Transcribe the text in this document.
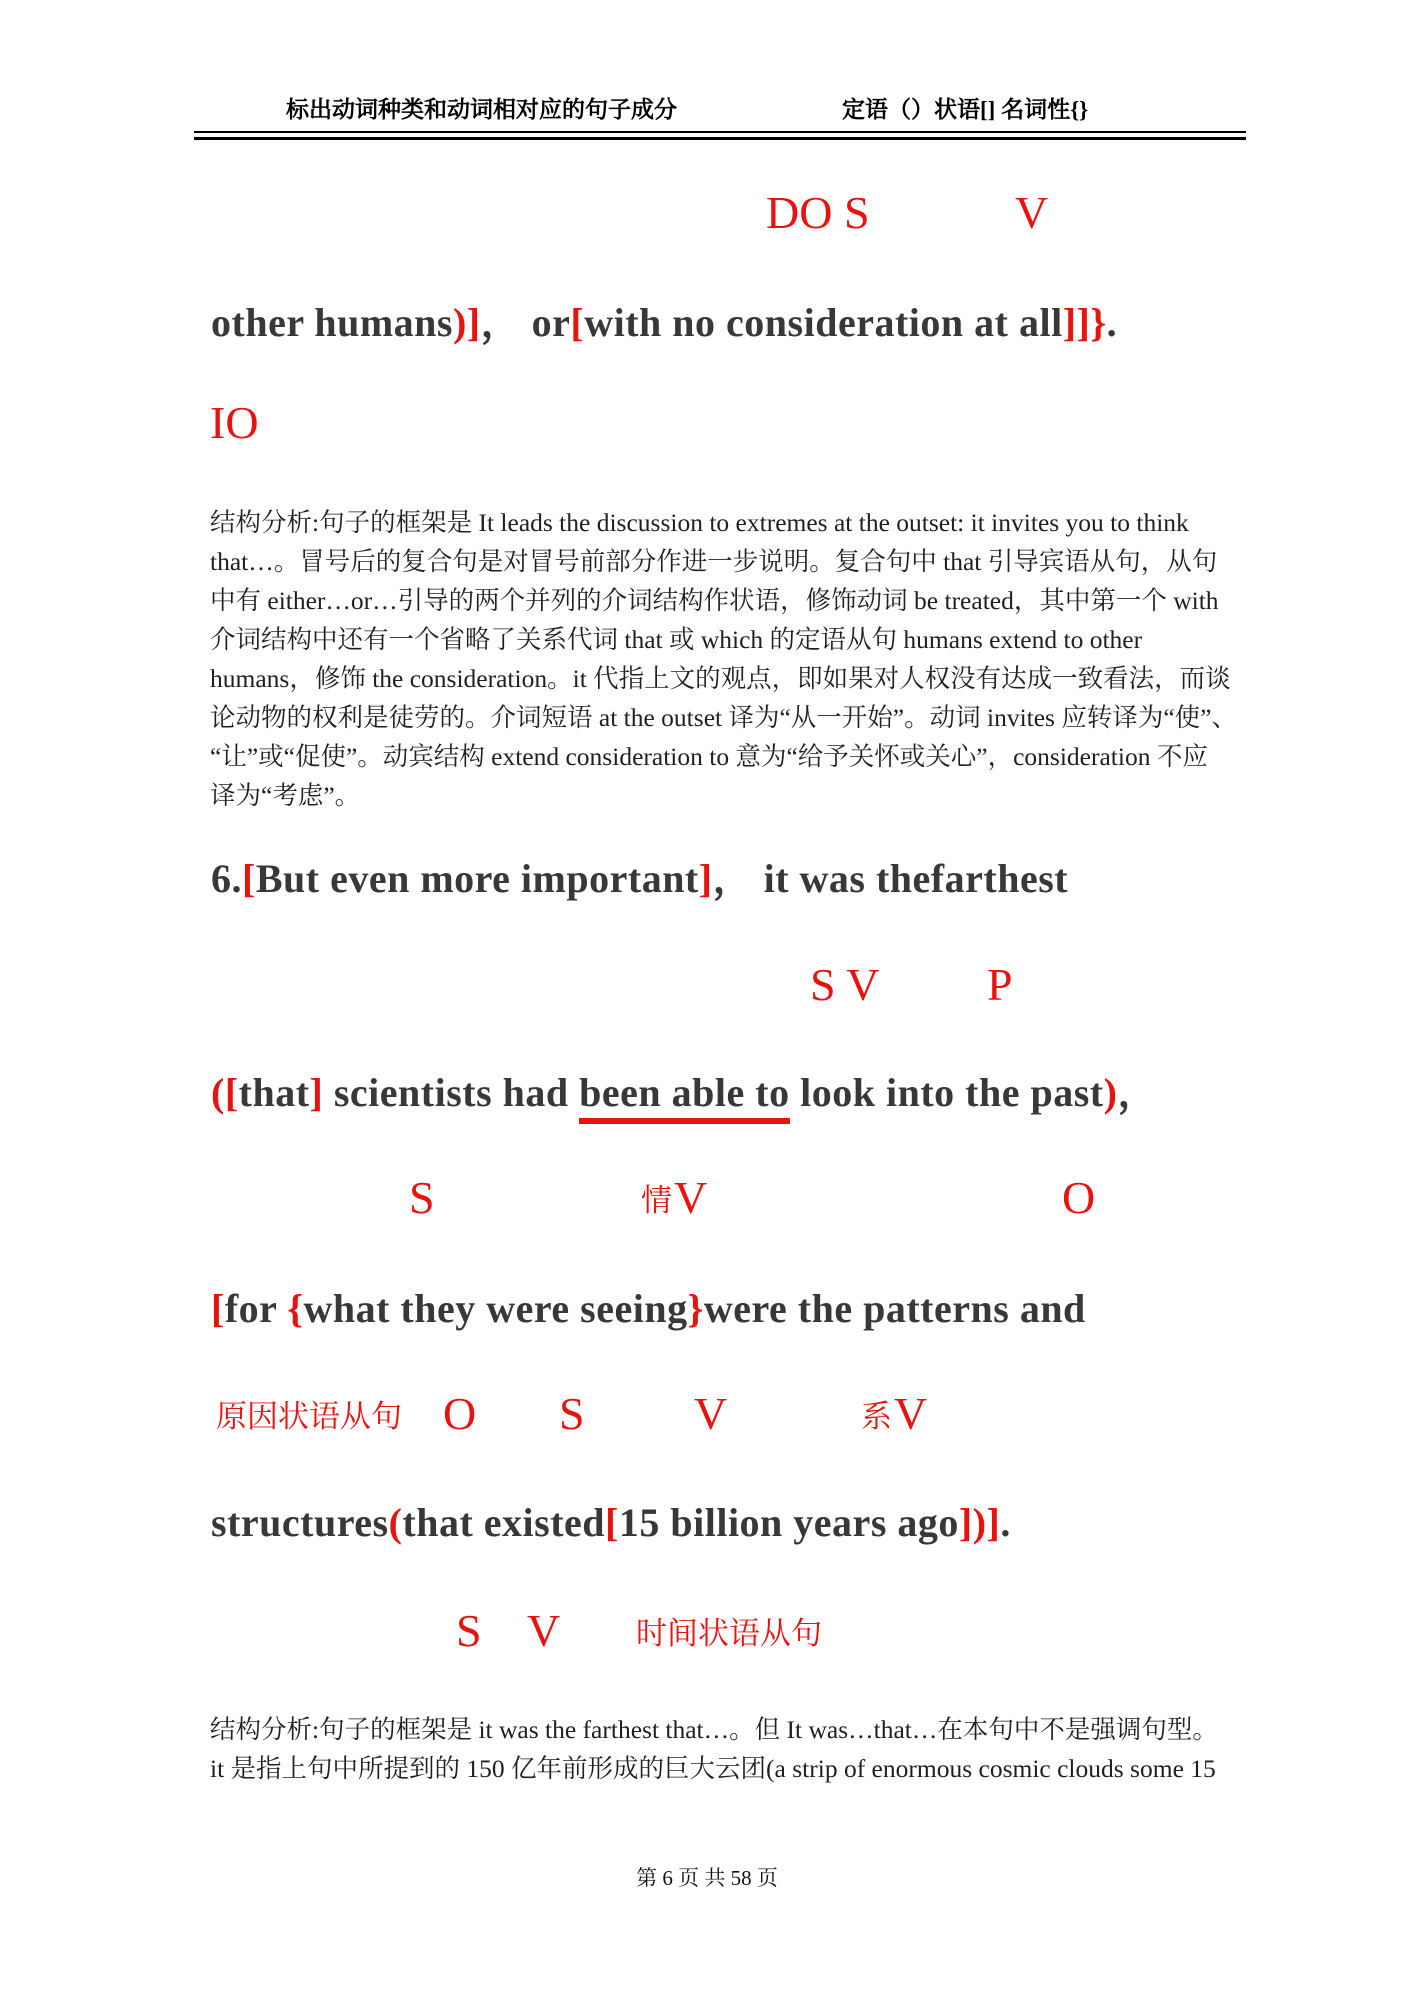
标出动词种类和动词相对应的句子成分	定语（）状语[] 名词性{}
DO S	V
other humans)]， or[with no consideration at all]]}.
IO
结构分析:句子的框架是 It leads the discussion to extremes at the outset: it invites you to think
that…。冒号后的复合句是对冒号前部分作进一步说明。复合句中 that 引导宾语从句，从句
中有 either…or…引导的两个并列的介词结构作状语，修饰动词 be treated，其中第一个 with
介词结构中还有一个省略了关系代词 that 或 which 的定语从句 humans extend to other
humans，修饰 the consideration。it 代指上文的观点，即如果对人权没有达成一致看法，而谈
论动物的权利是徒劳的。介词短语 at the outset 译为“从一开始”。动词 invites 应转译为“使”、
“让”或“促使”。动宾结构 extend consideration to 意为“给予关怀或关心”，consideration 不应
译为“考虑”。
6.[But even more important]， it was thefarthest
S V P
([that] scientists had been able to look into the past)，
S	情 V	O
[for {what they were seeing}were the patterns and
原因状语从句 O S V	系 V
structures(that existed[15 billion years ago])].
S V 时间状语从句
结构分析:句子的框架是 it was the farthest that…。但 It was…that…在本句中不是强调句型。
it 是指上句中所提到的 150 亿年前形成的巨大云团(a strip of enormous cosmic clouds some 15
第 6 页 共 58 页
